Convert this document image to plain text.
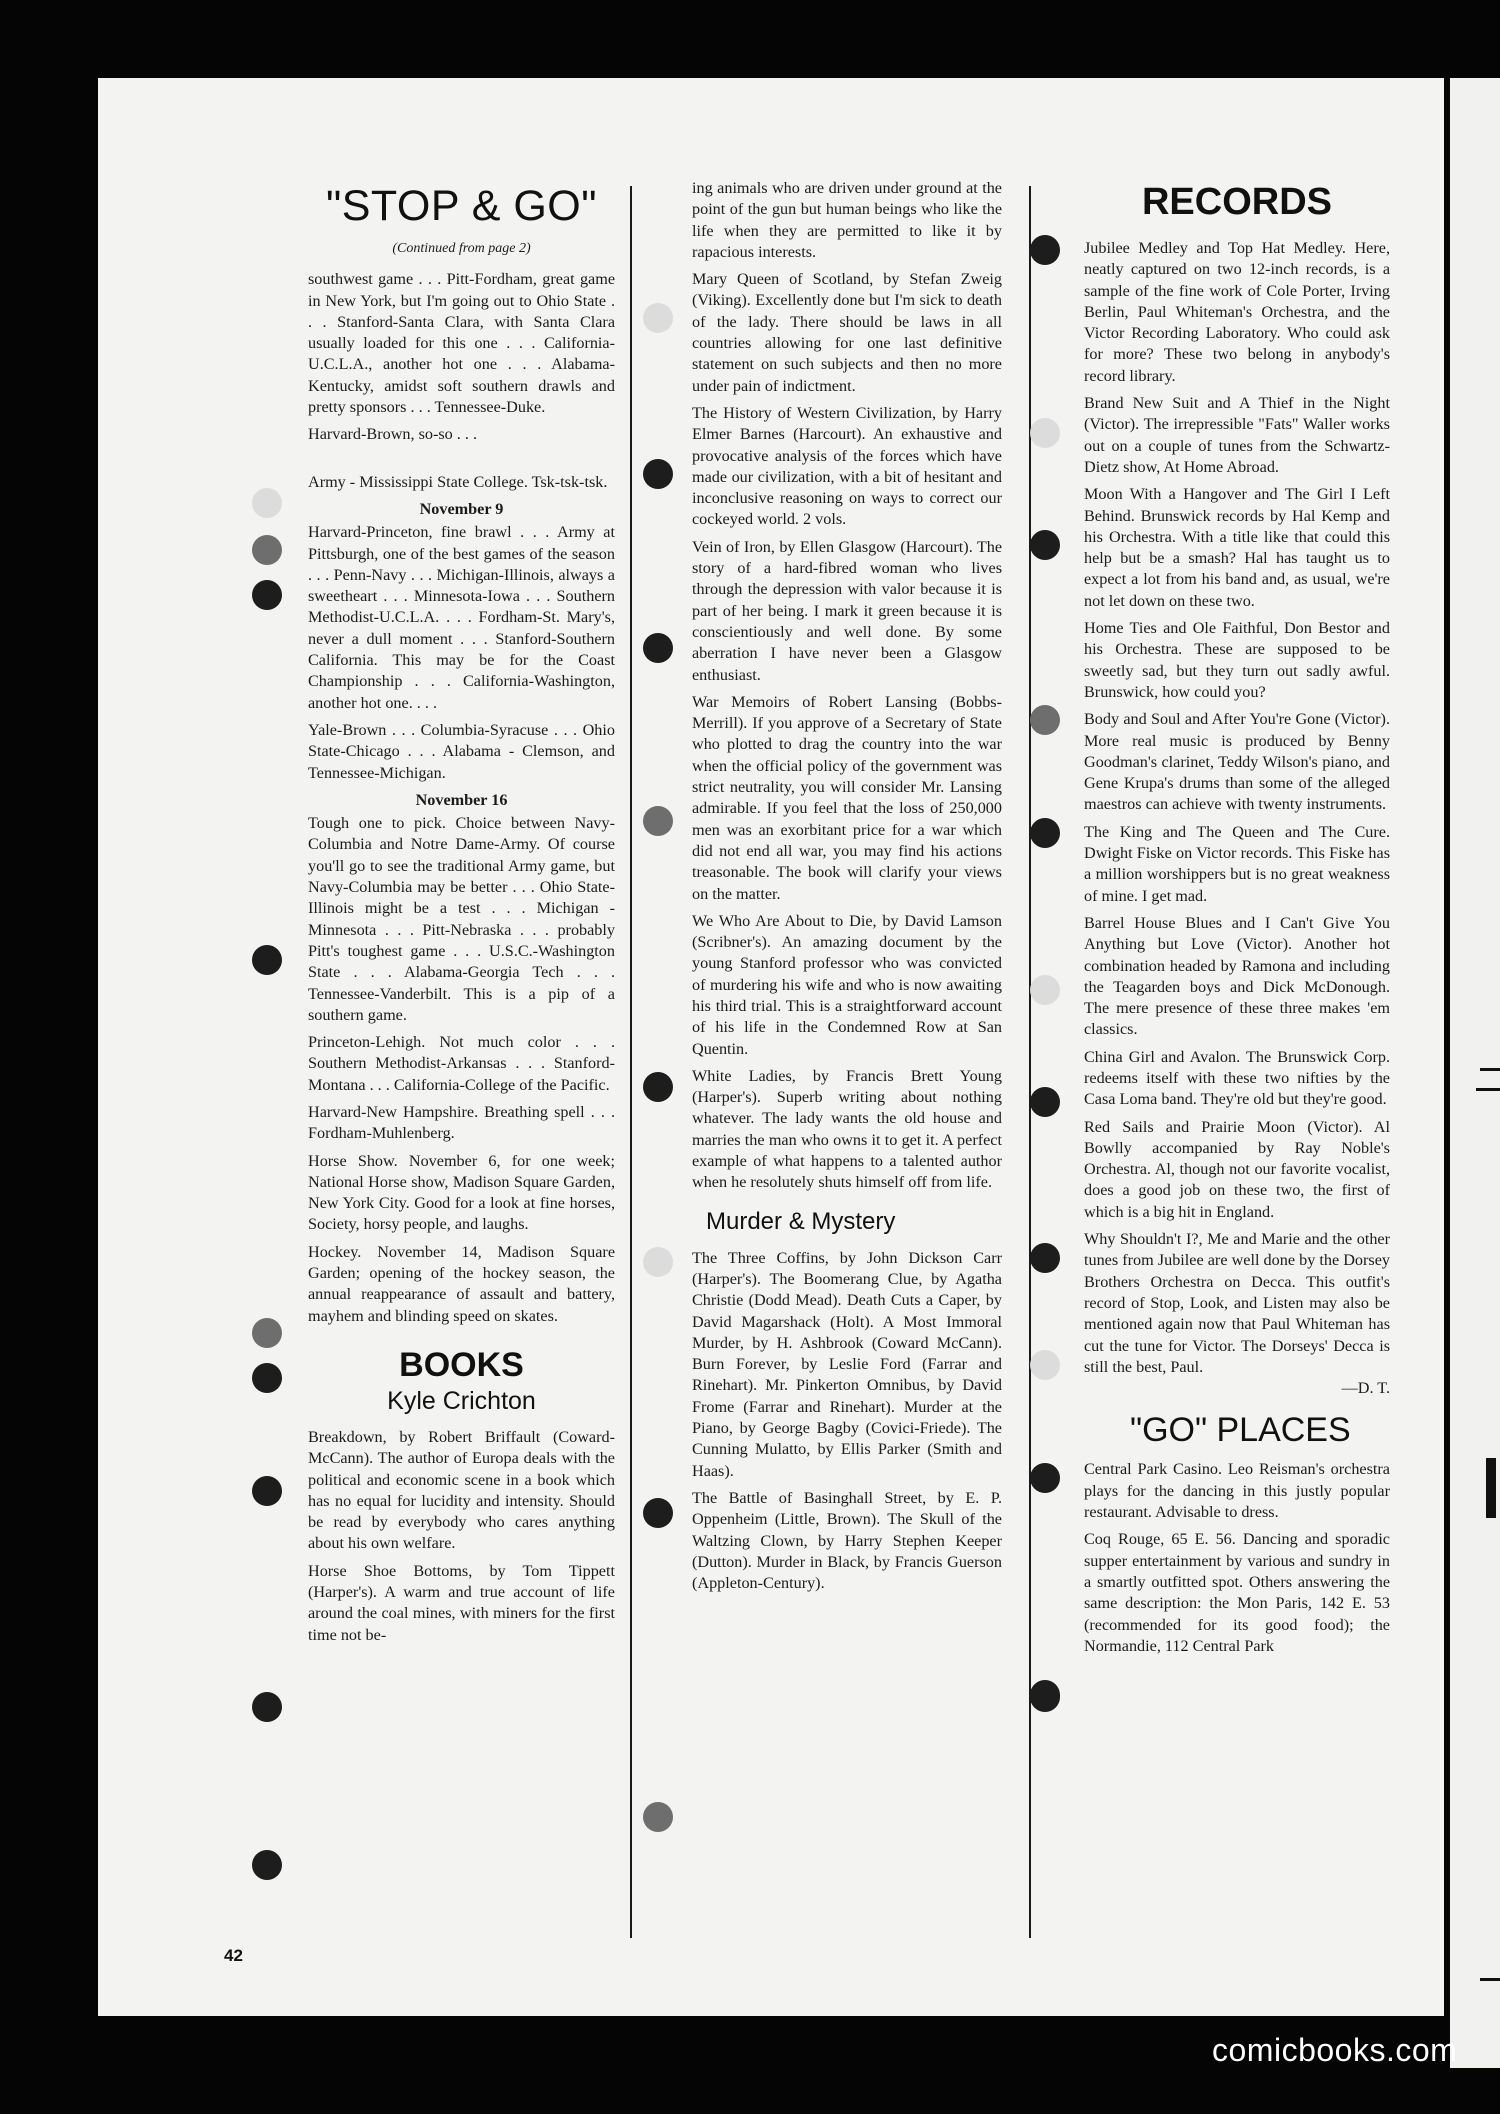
"STOP & GO"
(Continued from page 2)

southwest game . . . Pitt-Fordham, great game in New York, but I'm going out to Ohio State . . . Stanford-Santa Clara, with Santa Clara usually loaded for this one . . . California-U.C.L.A., another hot one . . . Alabama-Kentucky, amidst soft southern drawls and pretty sponsors . . . Tennessee-Duke.

Harvard-Brown, so-so . . .

Army - Mississippi State College. Tsk-tsk-tsk.

November 9

Harvard-Princeton, fine brawl . . . Army at Pittsburgh, one of the best games of the season . . . Penn-Navy . . . Michigan-Illinois, always a sweetheart . . . Minnesota-Iowa . . . Southern Methodist-U.C.L.A. . . . Fordham-St. Mary's, never a dull moment . . . Stanford-Southern California. This may be for the Coast Championship . . . California-Washington, another hot one. . . .

Yale-Brown . . . Columbia-Syracuse . . . Ohio State-Chicago . . . Alabama - Clemson, and Tennessee-Michigan.

November 16

Tough one to pick. Choice between Navy-Columbia and Notre Dame-Army. Of course you'll go to see the traditional Army game, but Navy-Columbia may be better . . . Ohio State-Illinois might be a test . . . Michigan - Minnesota . . . Pitt-Nebraska . . . probably Pitt's toughest game . . . U.S.C.-Washington State . . . Alabama-Georgia Tech . . . Tennessee-Vanderbilt. This is a pip of a southern game.

Princeton-Lehigh. Not much color . . . Southern Methodist-Arkansas . . . Stanford-Montana . . . California-College of the Pacific.

Harvard-New Hampshire. Breathing spell . . . Fordham-Muhlenberg.

Horse Show. November 6, for one week; National Horse show, Madison Square Garden, New York City. Good for a look at fine horses, Society, horsy people, and laughs.

Hockey. November 14, Madison Square Garden; opening of the hockey season, the annual reappearance of assault and battery, mayhem and blinding speed on skates.

BOOKS
Kyle Crichton

Breakdown, by Robert Briffault (Coward-McCann). The author of Europa deals with the political and economic scene in a book which has no equal for lucidity and intensity. Should be read by everybody who cares anything about his own welfare.

Horse Shoe Bottoms, by Tom Tippett (Harper's). A warm and true account of life around the coal mines, with miners for the first time not be-

ing animals who are driven under ground at the point of the gun but human beings who like the life when they are permitted to like it by rapacious interests.

Mary Queen of Scotland, by Stefan Zweig (Viking). Excellently done but I'm sick to death of the lady. There should be laws in all countries allowing for one last definitive statement on such subjects and then no more under pain of indictment.

The History of Western Civilization, by Harry Elmer Barnes (Harcourt). An exhaustive and provocative analysis of the forces which have made our civilization, with a bit of hesitant and inconclusive reasoning on ways to correct our cockeyed world. 2 vols.

Vein of Iron, by Ellen Glasgow (Harcourt). The story of a hard-fibred woman who lives through the depression with valor because it is part of her being. I mark it green because it is conscientiously and well done. By some aberration I have never been a Glasgow enthusiast.

War Memoirs of Robert Lansing (Bobbs-Merrill). If you approve of a Secretary of State who plotted to drag the country into the war when the official policy of the government was strict neutrality, you will consider Mr. Lansing admirable. If you feel that the loss of 250,000 men was an exorbitant price for a war which did not end all war, you may find his actions treasonable. The book will clarify your views on the matter.

We Who Are About to Die, by David Lamson (Scribner's). An amazing document by the young Stanford professor who was convicted of murdering his wife and who is now awaiting his third trial. This is a straightforward account of his life in the Condemned Row at San Quentin.

White Ladies, by Francis Brett Young (Harper's). Superb writing about nothing whatever. The lady wants the old house and marries the man who owns it to get it. A perfect example of what happens to a talented author when he resolutely shuts himself off from life.

Murder & Mystery

The Three Coffins, by John Dickson Carr (Harper's). The Boomerang Clue, by Agatha Christie (Dodd Mead). Death Cuts a Caper, by David Magarshack (Holt). A Most Immoral Murder, by H. Ashbrook (Coward McCann). Burn Forever, by Leslie Ford (Farrar and Rinehart). Mr. Pinkerton Omnibus, by David Frome (Farrar and Rinehart). Murder at the Piano, by George Bagby (Covici-Friede). The Cunning Mulatto, by Ellis Parker (Smith and Haas).

The Battle of Basinghall Street, by E. P. Oppenheim (Little, Brown). The Skull of the Waltzing Clown, by Harry Stephen Keeper (Dutton). Murder in Black, by Francis Guerson (Appleton-Century).

RECORDS

Jubilee Medley and Top Hat Medley. Here, neatly captured on two 12-inch records, is a sample of the fine work of Cole Porter, Irving Berlin, Paul Whiteman's Orchestra, and the Victor Recording Laboratory. Who could ask for more? These two belong in anybody's record library.

Brand New Suit and A Thief in the Night (Victor). The irrepressible "Fats" Waller works out on a couple of tunes from the Schwartz-Dietz show, At Home Abroad.

Moon With a Hangover and The Girl I Left Behind. Brunswick records by Hal Kemp and his Orchestra. With a title like that could this help but be a smash? Hal has taught us to expect a lot from his band and, as usual, we're not let down on these two.

Home Ties and Ole Faithful, Don Bestor and his Orchestra. These are supposed to be sweetly sad, but they turn out sadly awful. Brunswick, how could you?

Body and Soul and After You're Gone (Victor). More real music is produced by Benny Goodman's clarinet, Teddy Wilson's piano, and Gene Krupa's drums than some of the alleged maestros can achieve with twenty instruments.

The King and The Queen and The Cure. Dwight Fiske on Victor records. This Fiske has a million worshippers but is no great weakness of mine. I get mad.

Barrel House Blues and I Can't Give You Anything but Love (Victor). Another hot combination headed by Ramona and including the Teagarden boys and Dick McDonough. The mere presence of these three makes 'em classics.

China Girl and Avalon. The Brunswick Corp. redeems itself with these two nifties by the Casa Loma band. They're old but they're good.

Red Sails and Prairie Moon (Victor). Al Bowlly accompanied by Ray Noble's Orchestra. Al, though not our favorite vocalist, does a good job on these two, the first of which is a big hit in England.

Why Shouldn't I?, Me and Marie and the other tunes from Jubilee are well done by the Dorsey Brothers Orchestra on Decca. This outfit's record of Stop, Look, and Listen may also be mentioned again now that Paul Whiteman has cut the tune for Victor. The Dorseys' Decca is still the best, Paul.

—D. T.
"GO" PLACES

Central Park Casino. Leo Reisman's orchestra plays for the dancing in this justly popular restaurant. Advisable to dress.

Coq Rouge, 65 E. 56. Dancing and sporadic supper entertainment by various and sundry in a smartly outfitted spot. Others answering the same description: the Mon Paris, 142 E. 53 (recommended for its good food); the Normandie, 112 Central Park

42
comicbooks.com
